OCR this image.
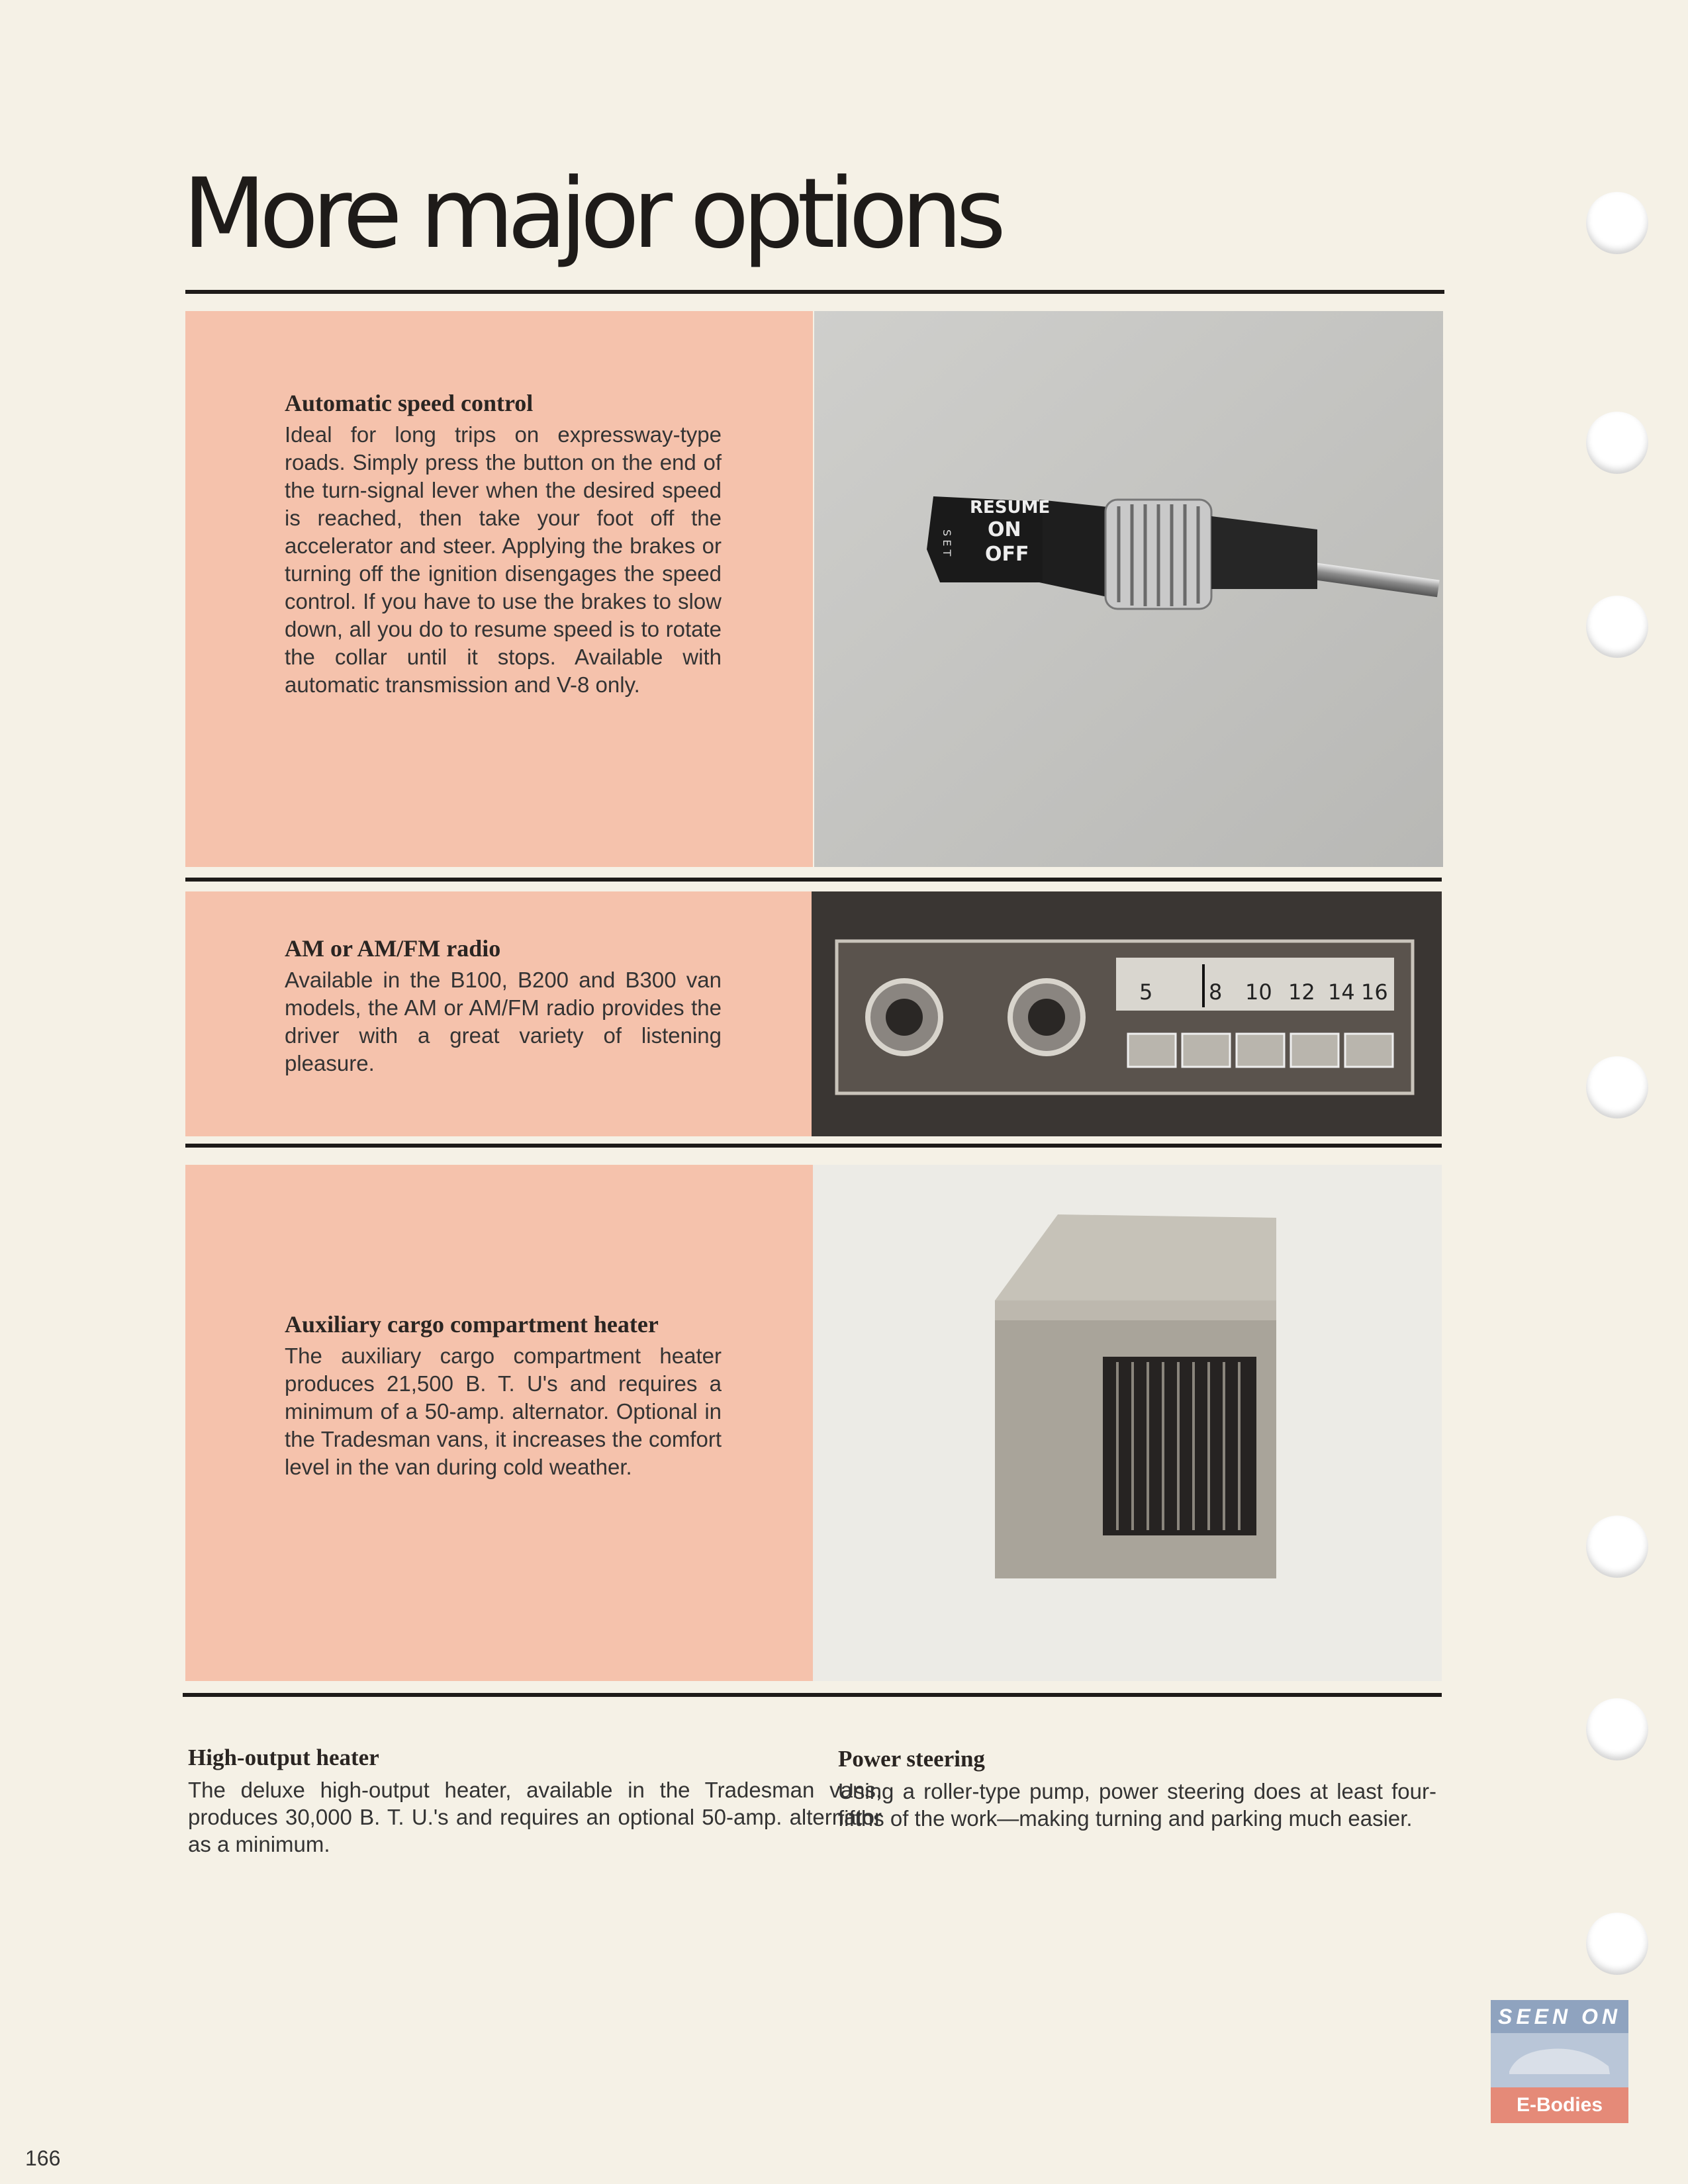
More major options
Automatic speed control

Ideal for long trips on expressway-type roads. Simply press the button on the end of the turn-signal lever when the desired speed is reached, then take your foot off the accelerator and steer. Applying the brakes or turning off the ignition disengages the speed control. If you have to use the brakes to slow down, all you do to resume speed is to rotate the collar until it stops. Available with automatic transmission and V-8 only.

RESUME
ON
OFF
S E T
AM or AM/FM radio

Available in the B100, B200 and B300 van models, the AM or AM/FM radio provides the driver with a great variety of listening pleasure.

5	8 10 12 14 16
Auxiliary cargo compartment heater

The auxiliary cargo compartment heater produces 21,500 B. T. U's and requires a minimum of a 50-amp. alternator. Optional in the Tradesman vans, it increases the comfort level in the van during cold weather.

High-output heater

The deluxe high-output heater, available in the Tradesman vans, produces 30,000 B. T. U.'s and requires an optional 50-amp. alternator as a minimum.

Power steering

Using a roller-type pump, power steering does at least four-fifths of the work—making turning and parking much easier.

SEEN ON
E-Bodies
166
